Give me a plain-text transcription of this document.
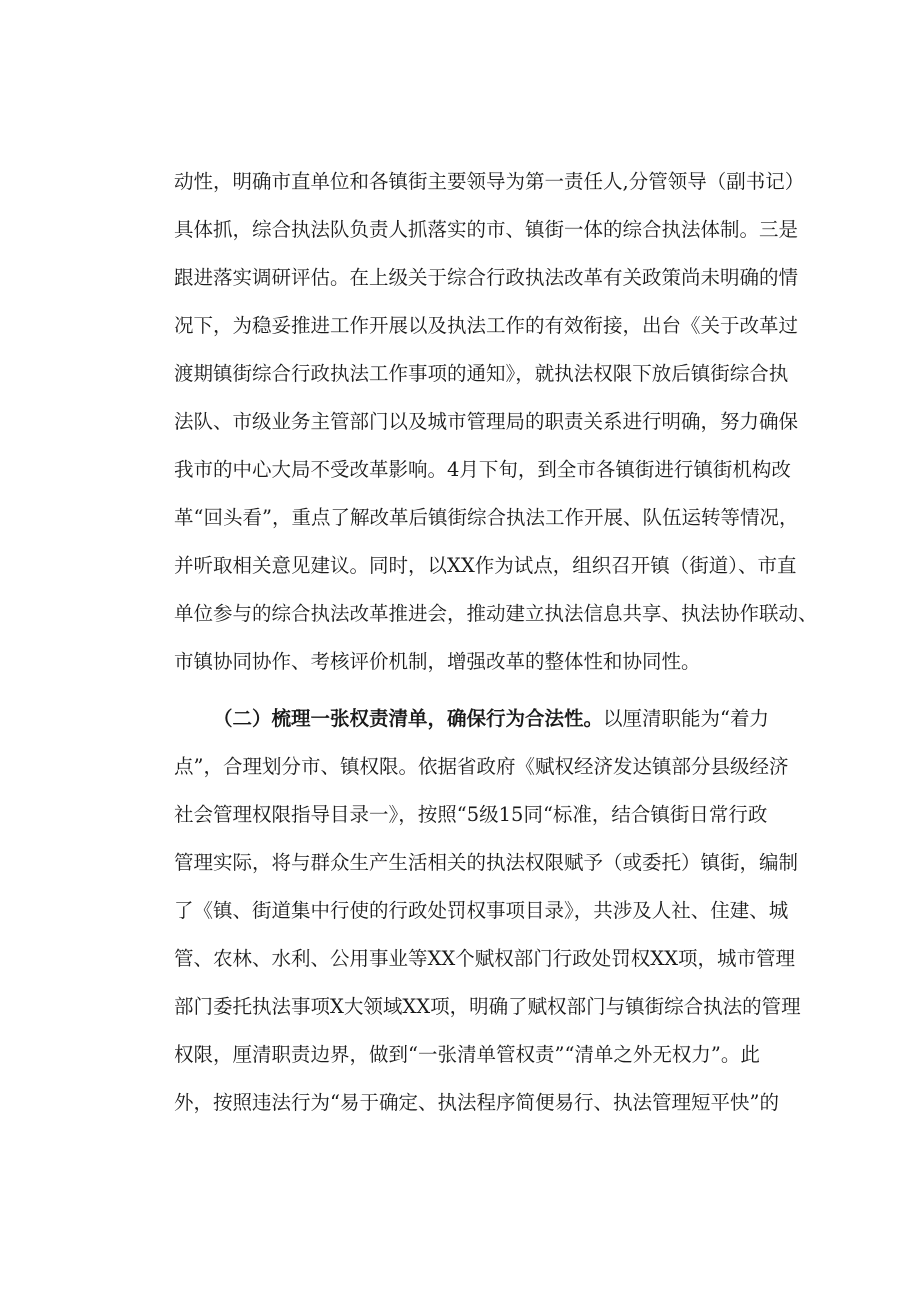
动性，明确市直单位和各镇街主要领导为第一责任人,分管领导（副书记）
具体抓，综合执法队负责人抓落实的市、镇街一体的综合执法体制。三是
跟进落实调研评估。在上级关于综合行政执法改革有关政策尚未明确的情
况下，为稳妥推进工作开展以及执法工作的有效衔接，出台《关于改革过
渡期镇街综合行政执法工作事项的通知》，就执法权限下放后镇街综合执
法队、市级业务主管部门以及城市管理局的职责关系进行明确，努力确保
我市的中心大局不受改革影响。4月下旬，到全市各镇街进行镇街机构改
革“回头看”，重点了解改革后镇街综合执法工作开展、队伍运转等情况，
并听取相关意见建议。同时，以XX作为试点，组织召开镇（街道）、市直
单位参与的综合执法改革推进会，推动建立执法信息共享、执法协作联动、
市镇协同协作、考核评价机制，增强改革的整体性和协同性。
（二）梳理一张权责清单，确保行为合法性。以厘清职能为“着力
点”，合理划分市、镇权限。依据省政府《赋权经济发达镇部分县级经济
社会管理权限指导目录一》，按照“5级15同“标准，结合镇街日常行政
管理实际，将与群众生产生活相关的执法权限赋予（或委托）镇街，编制
了《镇、街道集中行使的行政处罚权事项目录》，共涉及人社、住建、城
管、农林、水利、公用事业等XX个赋权部门行政处罚权XX项，城市管理
部门委托执法事项X大领域XX项，明确了赋权部门与镇街综合执法的管理
权限，厘清职责边界，做到“一张清单管权责”“清单之外无权力”。此
外，按照违法行为“易于确定、执法程序简便易行、执法管理短平快”的
